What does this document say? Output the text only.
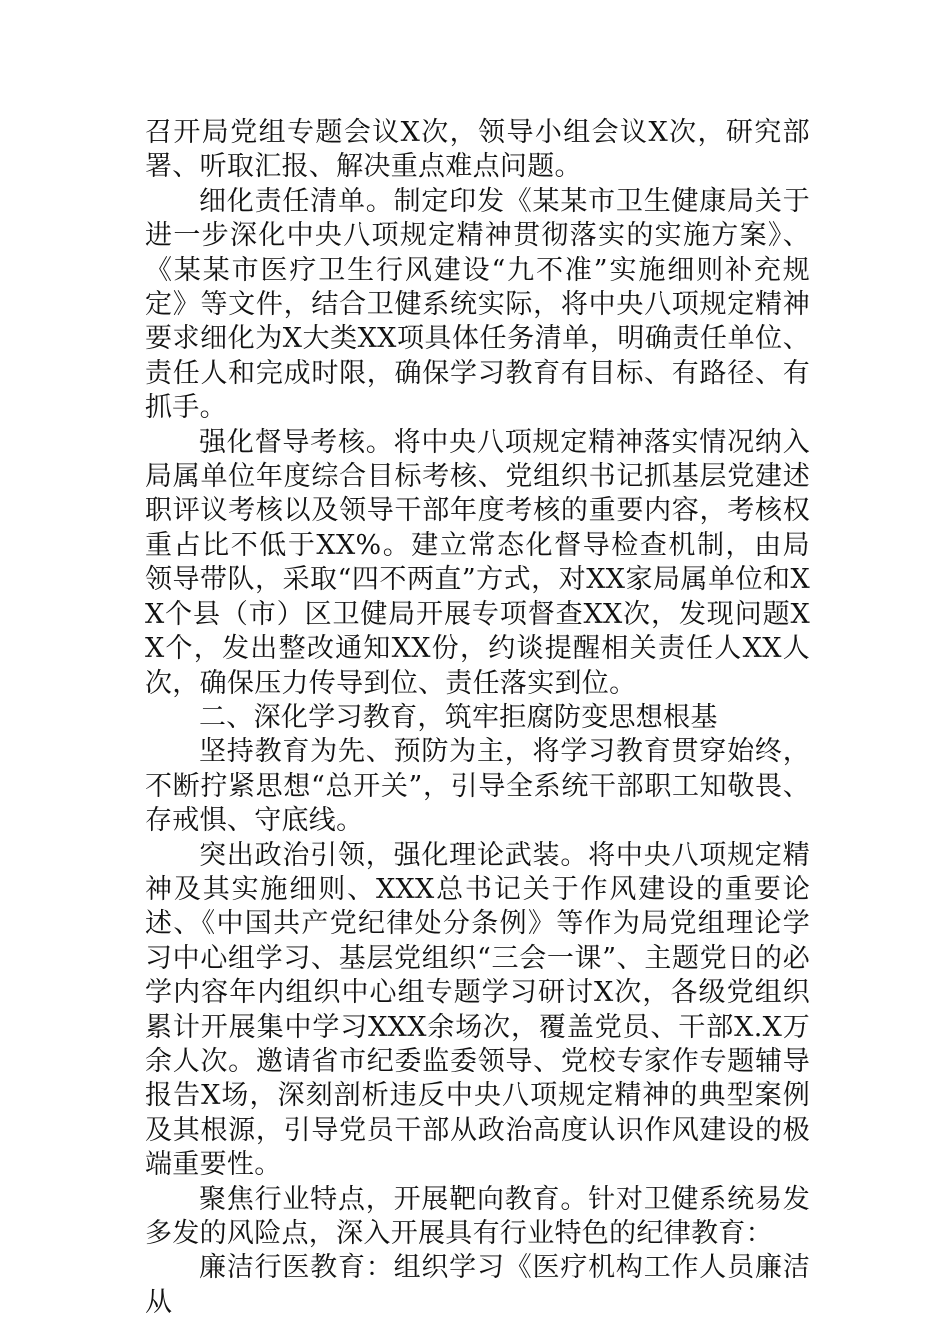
召开局党组专题会议X次，领导小组会议X次，研究部署、听取汇报、解决重点难点问题。

细化责任清单。制定印发《某某市卫生健康局关于进一步深化中央八项规定精神贯彻落实的实施方案》、《某某市医疗卫生行风建设“九不准”实施细则补充规定》等文件，结合卫健系统实际，将中央八项规定精神要求细化为X大类XX项具体任务清单，明确责任单位、责任人和完成时限，确保学习教育有目标、有路径、有抓手。

强化督导考核。将中央八项规定精神落实情况纳入局属单位年度综合目标考核、党组织书记抓基层党建述职评议考核以及领导干部年度考核的重要内容，考核权重占比不低于XX%。建立常态化督导检查机制，由局领导带队，采取“四不两直”方式，对XX家局属单位和XX个县（市）区卫健局开展专项督查XX次，发现问题XX个，发出整改通知XX份，约谈提醒相关责任人XX人次，确保压力传导到位、责任落实到位。

二、深化学习教育，筑牢拒腐防变思想根基

坚持教育为先、预防为主，将学习教育贯穿始终，不断拧紧思想“总开关”，引导全系统干部职工知敬畏、存戒惧、守底线。

突出政治引领，强化理论武装。将中央八项规定精神及其实施细则、XXX总书记关于作风建设的重要论述、《中国共产党纪律处分条例》等作为局党组理论学习中心组学习、基层党组织“三会一课”、主题党日的必学内容年内组织中心组专题学习研讨X次，各级党组织累计开展集中学习XXX余场次，覆盖党员、干部X.X万余人次。邀请省市纪委监委领导、党校专家作专题辅导报告X场，深刻剖析违反中央八项规定精神的典型案例及其根源，引导党员干部从政治高度认识作风建设的极端重要性。

聚焦行业特点，开展靶向教育。针对卫健系统易发多发的风险点，深入开展具有行业特色的纪律教育：

廉洁行医教育：组织学习《医疗机构工作人员廉洁从
